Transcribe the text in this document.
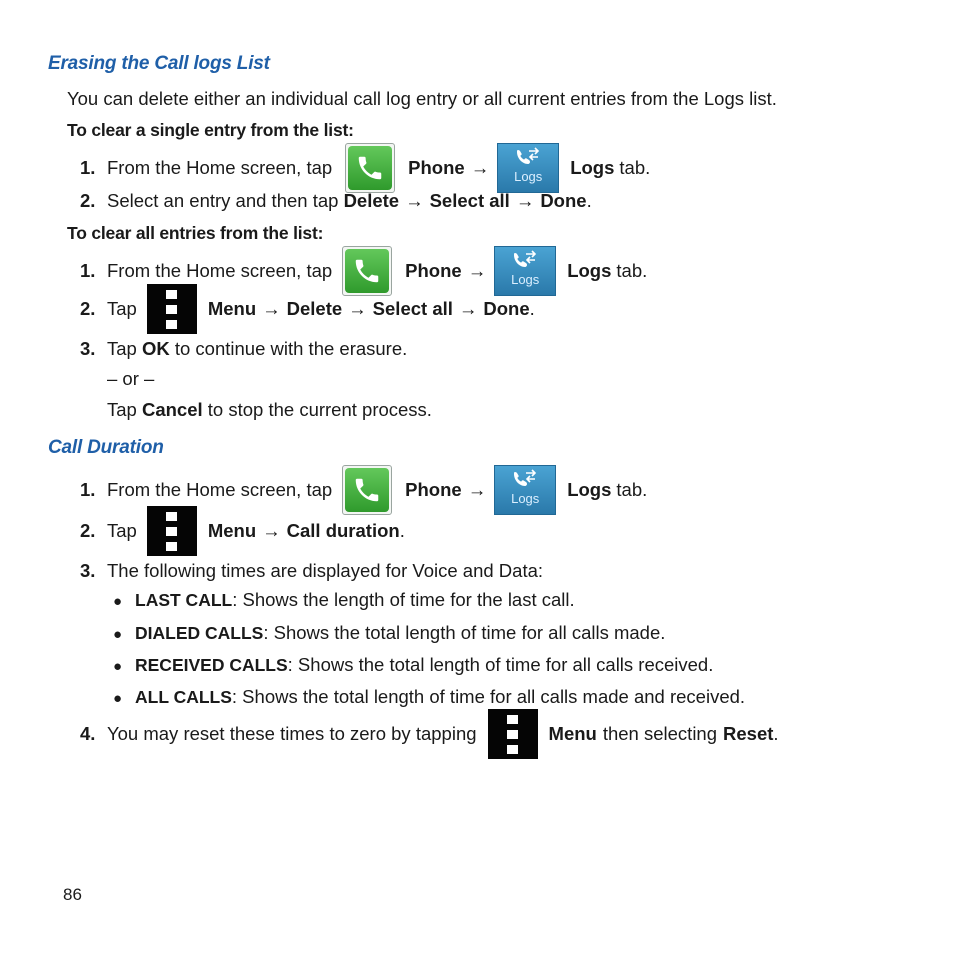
Erasing the Call logs List
You can delete either an individual call log entry or all current entries from the Logs list.
To clear a single entry from the list:
1. From the Home screen, tap	Phone → Logs Logs tab.
2. Select an entry and then tap Delete → Select all → Done.
To clear all entries from the list:
1. From the Home screen, tap	Phone → Logs Logs tab.
2. Tap	Menu → Delete → Select all → Done .
3. Tap OK to continue with the erasure.
– or –
Tap Cancel to stop the current process.
Call Duration
1. From the Home screen, tap	Phone → Logs Logs tab.
2. Tap	Menu → Call duration .
3. The following times are displayed for Voice and Data:
● LAST CALL: Shows the length of time for the last call.
● DIALED CALLS: Shows the total length of time for all calls made.
● RECEIVED CALLS: Shows the total length of time for all calls received.
● ALL CALLS: Shows the total length of time for all calls made and received.
4. You may reset these times to zero by tapping	Menu then selecting Reset .
86
